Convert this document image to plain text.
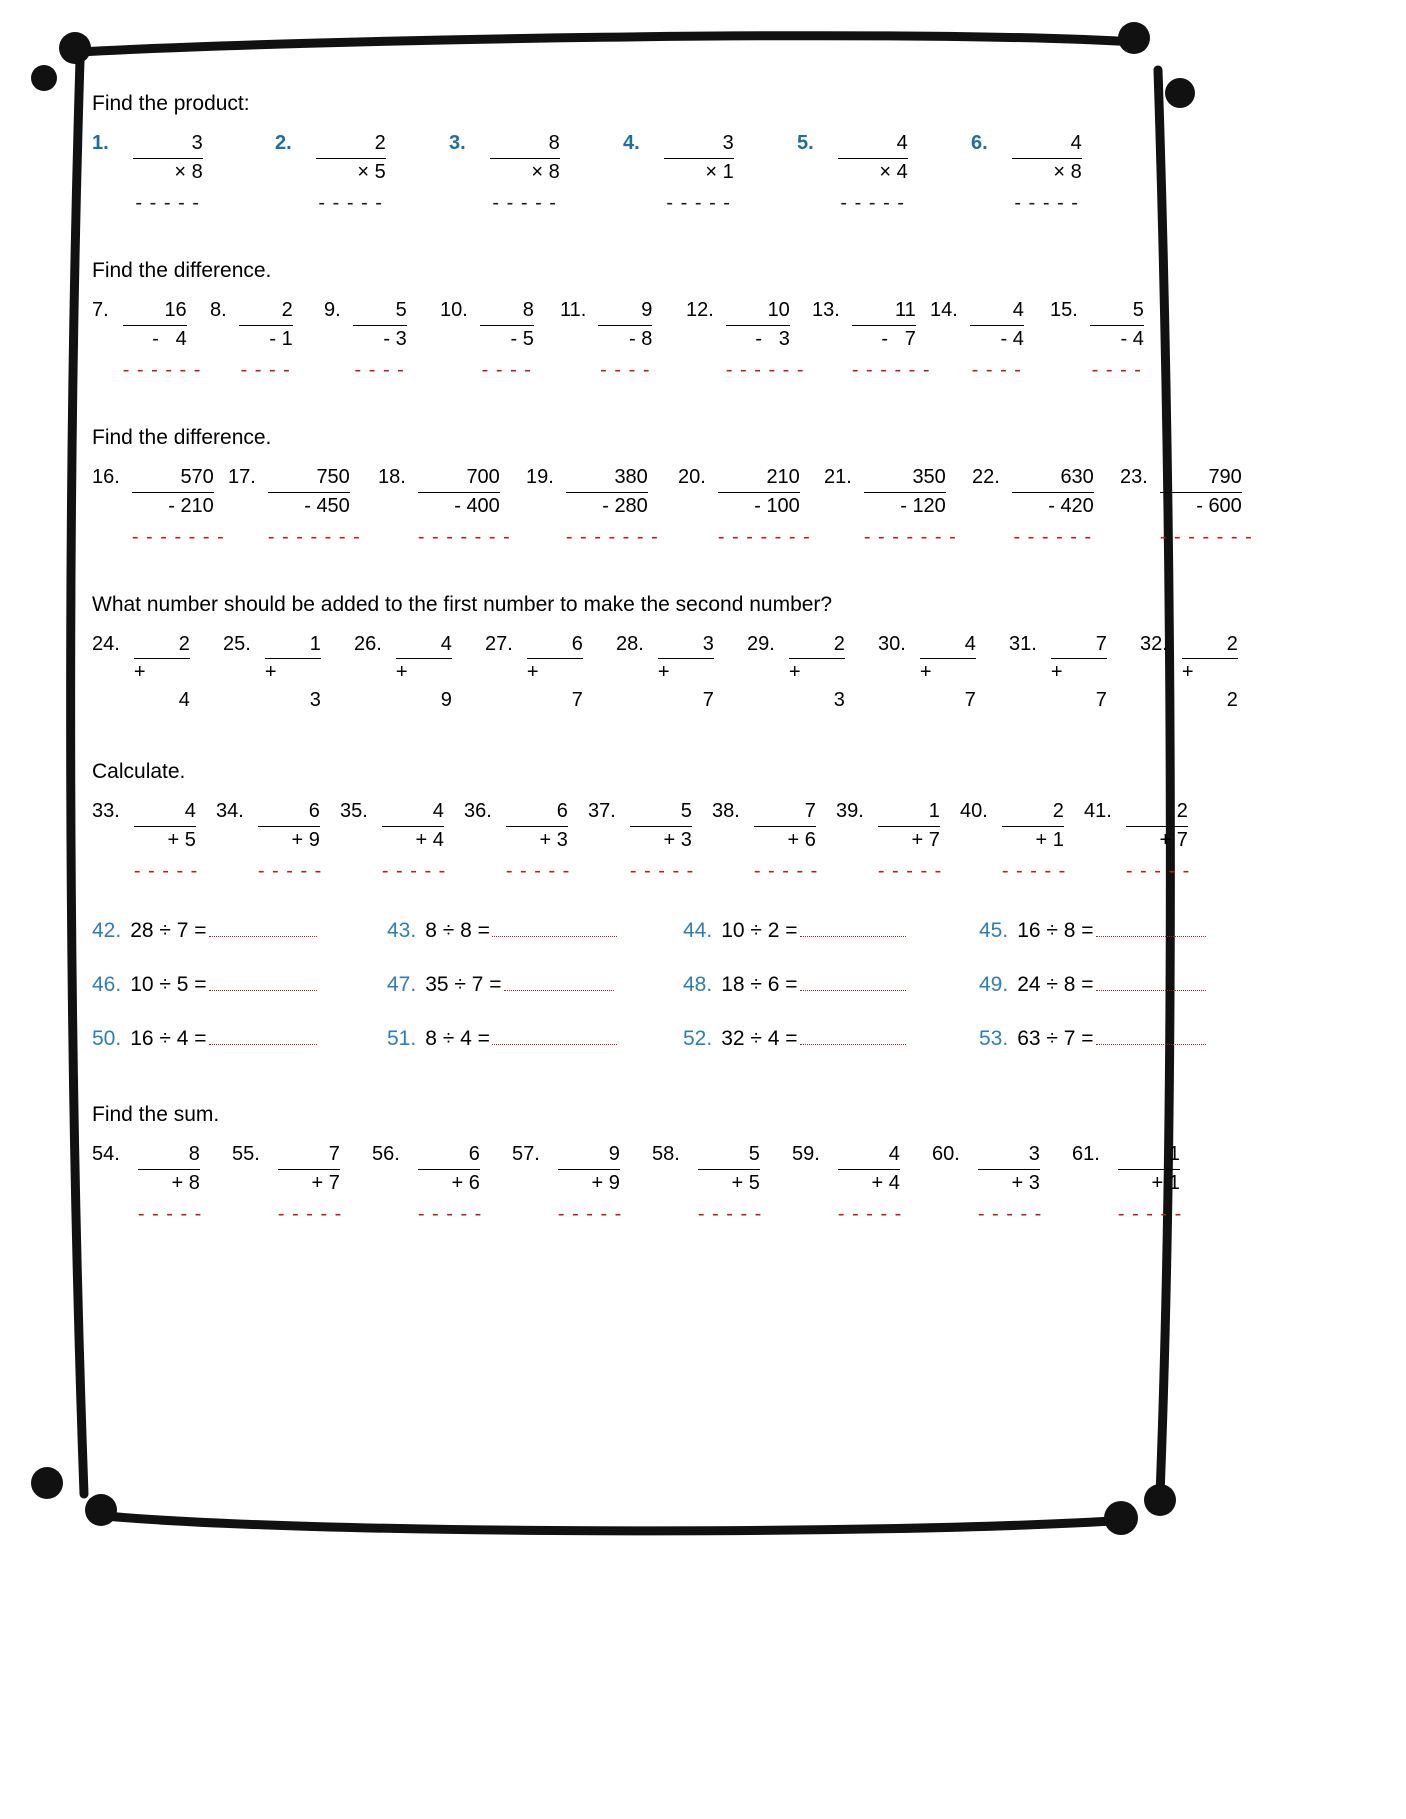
Find the product:
1.	3
× 8
- - - - -
2.	2
× 5
- - - - -
3.	8
× 8
- - - - -
4.	3
× 1
- - - - -
5.	4
× 4
- - - - -
6.	4
× 8
- - - - -
Find the difference.
7.	16
- 4
- - - - - -
8.	2
- 1
- - - -
9.	5
- 3
- - - -
10.	8
- 5
- - - -
11.	9
- 8
- - - -
12.	10
- 3
- - - - - -
13.	11
- 7
- - - - - -
14.	4
- 4
- - - -
15.	5
- 4
- - - -
Find the difference.
16.	570
- 210
- - - - - - -
17.	750
- 450
- - - - - - -
18.	700
- 400
- - - - - - -
19.	380
- 280
- - - - - - -
20.	210
- 100
- - - - - - -
21.	350
- 120
- - - - - - -
22.	630
- 420
- - - - - -
23.	790
- 600
- - - - - - -
What number should be added to the first number to make the second number?
24.	2
+
4
25.	1
+
3
26.	4
+
9
27.	6
+
7
28.	3
+
7
29.	2
+
3
30.	4
+
7
31.	7
+
7
32.	2
+
2
Calculate.
33.	4
+ 5
- - - - -
34.	6
+ 9
- - - - -
35.	4
+ 4
- - - - -
36.	6
+ 3
- - - - -
37.	5
+ 3
- - - - -
38.	7
+ 6
- - - - -
39.	1
+ 7
- - - - -
40.	2
+ 1
- - - - -
41.	2
+ 7
- - - - -
42. 28 ÷ 7 =	43. 8 ÷ 8 =	44. 10 ÷ 2 =	45. 16 ÷ 8 =
46. 10 ÷ 5 =	47. 35 ÷ 7 =	48. 18 ÷ 6 =	49. 24 ÷ 8 =
50. 16 ÷ 4 =	51. 8 ÷ 4 =	52. 32 ÷ 4 =	53. 63 ÷ 7 =
Find the sum.
54.	8
+ 8
- - - - -
55.	7
+ 7
- - - - -
56.	6
+ 6
- - - - -
57.	9
+ 9
- - - - -
58.	5
+ 5
- - - - -
59.	4
+ 4
- - - - -
60.	3
+ 3
- - - - -
61.	1
+ 1
- - - - -
